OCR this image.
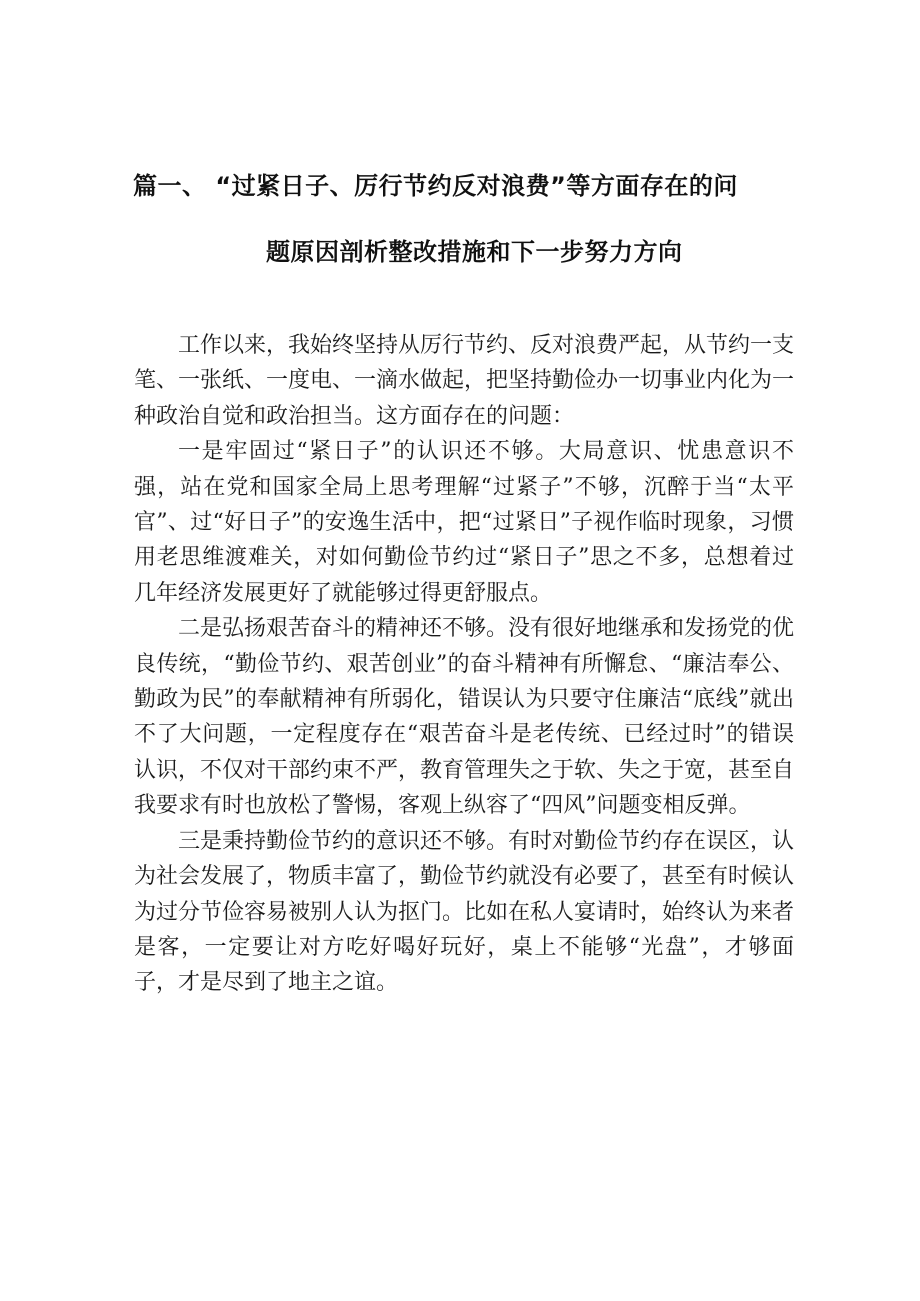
篇一、 “过紧日子、厉行节约反对浪费”等方面存在的问
题原因剖析整改措施和下一步努力方向

工作以来，我始终坚持从厉行节约、反对浪费严起，从节约一支笔、一张纸、一度电、一滴水做起，把坚持勤俭办一切事业内化为一种政治自觉和政治担当。这方面存在的问题：

一是牢固过“紧日子”的认识还不够。大局意识、忧患意识不强，站在党和国家全局上思考理解“过紧子”不够，沉醉于当“太平官”、过“好日子”的安逸生活中，把“过紧日”子视作临时现象，习惯用老思维渡难关，对如何勤俭节约过“紧日子”思之不多，总想着过几年经济发展更好了就能够过得更舒服点。

二是弘扬艰苦奋斗的精神还不够。没有很好地继承和发扬党的优良传统，“勤俭节约、艰苦创业”的奋斗精神有所懈怠、“廉洁奉公、勤政为民”的奉献精神有所弱化，错误认为只要守住廉洁“底线”就出不了大问题，一定程度存在“艰苦奋斗是老传统、已经过时”的错误认识，不仅对干部约束不严，教育管理失之于软、失之于宽，甚至自我要求有时也放松了警惕，客观上纵容了“四风”问题变相反弹。

三是秉持勤俭节约的意识还不够。有时对勤俭节约存在误区，认为社会发展了，物质丰富了，勤俭节约就没有必要了，甚至有时候认为过分节俭容易被别人认为抠门。比如在私人宴请时，始终认为来者是客，一定要让对方吃好喝好玩好，桌上不能够“光盘”，才够面子，才是尽到了地主之谊。
